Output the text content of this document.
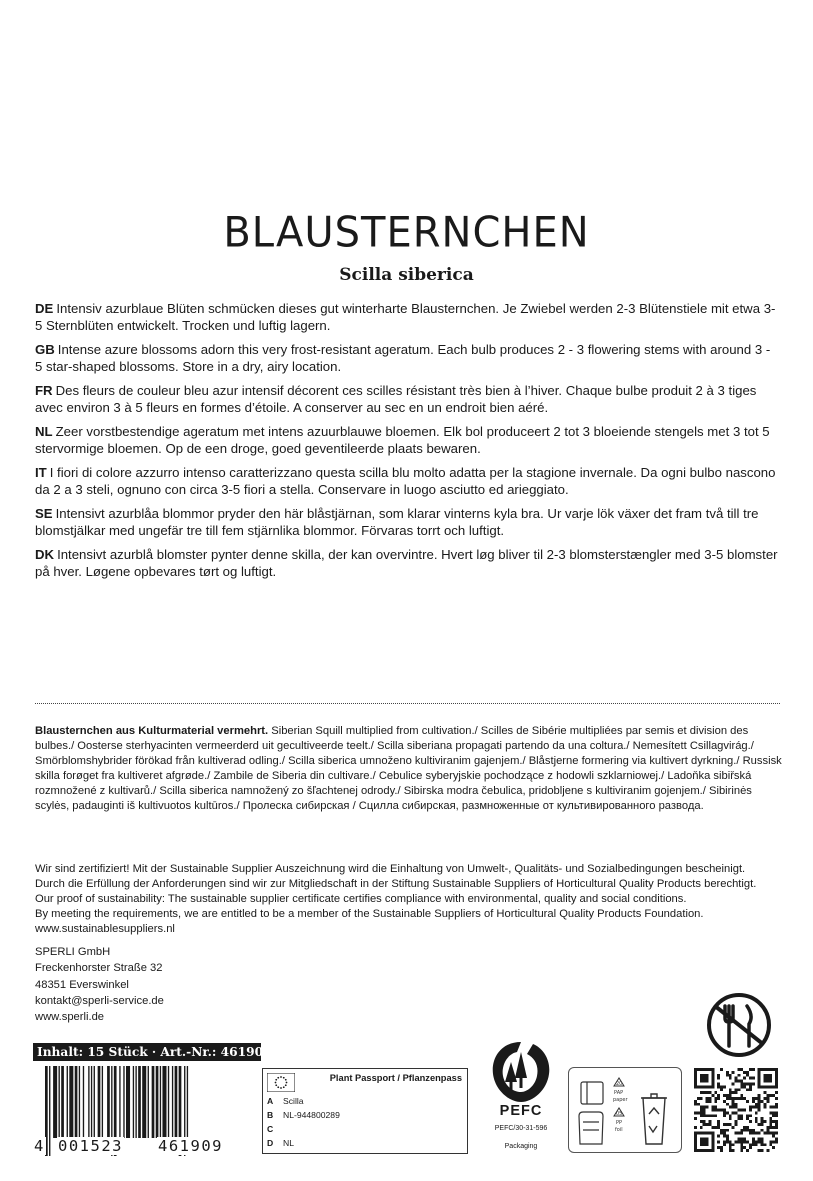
BLAUSTERNCHEN
Scilla siberica

DE Intensiv azurblaue Blüten schmücken dieses gut winterharte Blausternchen. Je Zwiebel werden 2-3 Blütenstiele mit etwa 3-5 Sternblüten entwickelt. Trocken und luftig lagern.

GB Intense azure blossoms adorn this very frost-resistant ageratum. Each bulb produces 2 - 3 flowering stems with around 3 - 5 star-shaped blossoms. Store in a dry, airy location.

FR Des fleurs de couleur bleu azur intensif décorent ces scilles résistant très bien à l’hiver. Chaque bulbe produit 2 à 3 tiges avec environ 3 à 5 fleurs en formes d’étoile. A conserver au sec en un endroit bien aéré.

NL Zeer vorstbestendige ageratum met intens azuurblauwe bloemen. Elk bol produceert 2 tot 3 bloeiende stengels met 3 tot 5 stervormige bloemen. Op de een droge, goed geventileerde plaats bewaren.

IT I fiori di colore azzurro intenso caratterizzano questa scilla blu molto adatta per la stagione invernale. Da ogni bulbo nascono da 2 a 3 steli, ognuno con circa 3-5 fiori a stella. Conservare in luogo asciutto ed arieggiato.

SE Intensivt azurblåa blommor pryder den här blåstjärnan, som klarar vinterns kyla bra. Ur varje lök växer det fram två till tre blomstjälkar med ungefär tre till fem stjärnlika blommor. Förvaras torrt och luftigt.

DK Intensivt azurblå blomster pynter denne skilla, der kan overvintre. Hvert løg bliver til 2-3 blomsterstængler med 3-5 blomster på hver. Løgene opbevares tørt og luftigt.

Blausternchen aus Kulturmaterial vermehrt. Siberian Squill multiplied from cultivation./ Scilles de Sibérie multipliées par semis et division des bulbes./ Oosterse sterhyacinten vermeerderd uit gecultiveerde teelt./ Scilla siberiana propagati partendo da una coltura./ Nemesített Csillagvirág./ Smörblomshybrider förökad från kultiverad odling./ Scilla siberica umnoženo kultiviranim gajenjem./ Blåstjerne formering via kultivert dyrkning./ Russisk skilla forøget fra kultiveret afgrøde./ Zambile de Siberia din cultivare./ Cebulice syberyjskie pochodzące z hodowli szklarniowej./ Ladoňka sibiřská rozmnožené z kultivarů./ Scilla siberica namnožený zo šľachtenej odrody./ Sibirska modra čebulica, pridobljene s kultiviranim gojenjem./ Sibirinės scylės, padauginti iš kultivuotos kultūros./ Пролеска сибирская / Сцилла сибирская, размноженные от культивированного развода.
Wir sind zertifiziert! Mit der Sustainable Supplier Auszeichnung wird die Einhaltung von Umwelt-, Qualitäts- und Sozialbedingungen bescheinigt.
Durch die Erfüllung der Anforderungen sind wir zur Mitgliedschaft in der Stiftung Sustainable Suppliers of Horticultural Quality Products berechtigt.
Our proof of sustainability: The sustainable supplier certificate certifies compliance with environmental, quality and social conditions.
By meeting the requirements, we are entitled to be a member of the Sustainable Suppliers of Horticultural Quality Products Foundation.
www.sustainablesuppliers.nl
SPERLI GmbH
Freckenhorster Straße 32
48351 Everswinkel
kontakt@sperli-service.de
www.sperli.de
Inhalt: 15 Stück · Art.-Nr.: 461909
4 001523 461909
Plant Passport / Pflanzenpass
A Scilla
B NL-944800289
C
D NL
PEFC
PEFC/30-31-596
Packaging
20
PAP
paper
05
PP
foil
